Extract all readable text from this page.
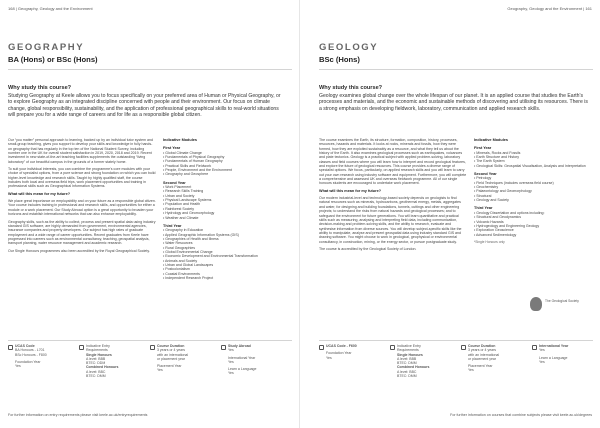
168 | Geography, Geology and the Environment
GEOGRAPHY
BA (Hons) or BSc (Hons)
Why study this course?
Studying Geography at Keele allows you to focus specifically on your preferred area of Human or Physical Geography, or to explore Geography as an integrated discipline concerned with people and their environment. Our focus on climate change, global responsibility, sustainability, and the application of professional geographical skills to real-world situations will prepare you for a wide range of careers and for life as a responsible global citizen.

Our “you matter” personal approach to learning, backed up by an individual tutor system and small-group teaching, gives you support to develop your skills and knowledge in fully hands-on geography that has regularly in the top ten of the National Student Survey, including number one in the UK for overall student satisfaction in 2019, 2020, 2018 and 2019. Recent investment in new state-of-the-art teaching facilities supplements the outstanding “living laboratory” of our beautiful campus in the grounds of a former stately home.

To suit your individual interests, you can combine the programme's core modules with your choice of specialist options, from a pure science and strong foundation on which you can build higher-level knowledge and research skills. Taught by highly qualified staff, the course includes both local and overseas field trips, work placement opportunities and training in professional skills such as Geographical Information Systems.

What will this mean for my future?

We place great importance on employability and on your future as a responsible global citizen. Your course includes training in professional and research skills, and opportunities for either a module or a work placement. Our Study Abroad option is a great opportunity to broaden your horizons and establish international networks that can also enhance employability.

Geography skills, such as the ability to collect, process and present spatial data using industry standard GIS software, are highly demanded from government, environmental agencies, insurance companies and property developers. Our subject has high rates of graduate employment and a wide range of career opportunities. Recent graduates from Keele have progressed into careers such as environmental consultancy, teaching, geospatial analysis, transport planning, water resource management and academic research.

Our Single Honours programmes also been accredited by the Royal Geographical Society.

Indicative Modules
First Year
• Global Climate Change
• Fundamentals of Physical Geography
• Fundamentals of Human Geography
• Practical Skills and Fieldwork
• People, Environment and the Environment
• Geography and Geosphere
Second Year
• Work Placement
• Research Skills Training
• Urban and Society
• Physical Landscape Systems
• Population and Health
• Rainforest Society
• Hydrology and Geomorphology
• Weather and Climate
Third Year
• Geography in Education
• Applied Geographic Information Systems (GIS)
• Geographies of Health and Illness
• Water Resources
• Rural Geographies
• Global Environmental Change
• Economic Development and Environmental Transformation
• Animals and Society
• Urban and Global Landscapes
• Postcolonialism
• Coastal Environments
• Independent Research Project
UCAS Code
BA Honours - L701
BSc Honours - F800
Foundation Year
Yes
Indicative Entry
Requirements
Single Honours
A level: BBB
BTEC: DDM
Combined Honours
A level: BBC
BTEC: DMM
Course Duration
3 years or 4 years
with an international
or placement year
Placement Year
Yes
Study Abroad
Yes
International Year
Yes
Learn a Language
Yes
For further information on entry requirements please visit keele.ac.uk/entryrequirements
Geography, Geology and the Environment | 161
GEOLOGY
BSc (Hons)
Why study this course?
Geology examines global change over the whole lifespan of our planet. It is an applied course that studies the Earth's processes and materials, and the economic and sustainable methods of discovering and utilising its resources. There is a strong emphasis on developing fieldwork, laboratory, communication and applied research skills.

The course examines the Earth, its structure, formation, composition, history, processes, resources, hazards and materials. It looks at rocks, minerals and fossils, how they were formed, how they are exploited sustainably as a resource, and what they tell us about the history of the Earth. It also examines geological processes such as earthquakes, volcanoes and plate tectonics. Geology is a practical subject with applied problem-solving, laboratory classes and field courses where you will learn how to interpret and record geological features, and explore the future of geological resources. This course provides a diverse range of specialist options. We focus, particularly, on applied research skills and you will learn to carry out your own research using industry software and equipment. Furthermore, you will complete a comprehensive and assessed UK and overseas fieldwork programme. All of our single honours students are encouraged to undertake work placement.

What will this mean for my future?

Our modern industrial-level and technology-based society depends on geologists to find natural resources such as minerals, hydrocarbons, geothermal energy, metals, aggregates and water, for designing and building foundations, tunnels, cuttings and other engineering projects; to understand the risks from natural hazards and geological processes; and to safeguard the environment for future generations. You will learn quantitative and practical skills such as measuring, analysing and interpreting field data, including communication, decision-making and problem-solving skills, and the ability to research, evaluate and synthesise information from diverse sources. You will develop subject-specific skills like the ability to manipulate, analyse and present geospatial data using industry standard GIS and drawing software. You might choose to work in geological, geophysical or environmental consultancy, in construction, mining, or the energy sector, or pursue postgraduate study.

The course is accredited by the Geological Society of London.

Indicative Modules
First Year
• Minerals, Rocks and Fossils
• Earth Structure and History
• The Earth System
• Geological Skills: Geospatial Visualisation, Analysis and Interpretation
Second Year
• Petrology
• Field Techniques (includes overseas field course)
• Geochemistry
• Palaeontology and Geomorphology
• Structural
• Geology and Society
Third Year
• Geology Dissertation and options including:
• Structural and Geodynamics
• Volcanic Hazards
• Hydrogeology and Engineering Geology
• Exploration Geoscience
• Advanced Sedimentology
*Single Honours only
The Geological Society
UCAS Code - F600
Foundation Year
Yes
Indicative Entry
Requirements
Single Honours
A level: BBB
BTEC: DMM
Combined Honours
A level: BBC
BTEC: DMM
Course Duration
3 years or 4 years
with an international
or placement year
Placement Year
Yes
International Year
Yes
Learn a Language
Yes
For further information on courses that combine subjects please visit keele.ac.uk/degrees
